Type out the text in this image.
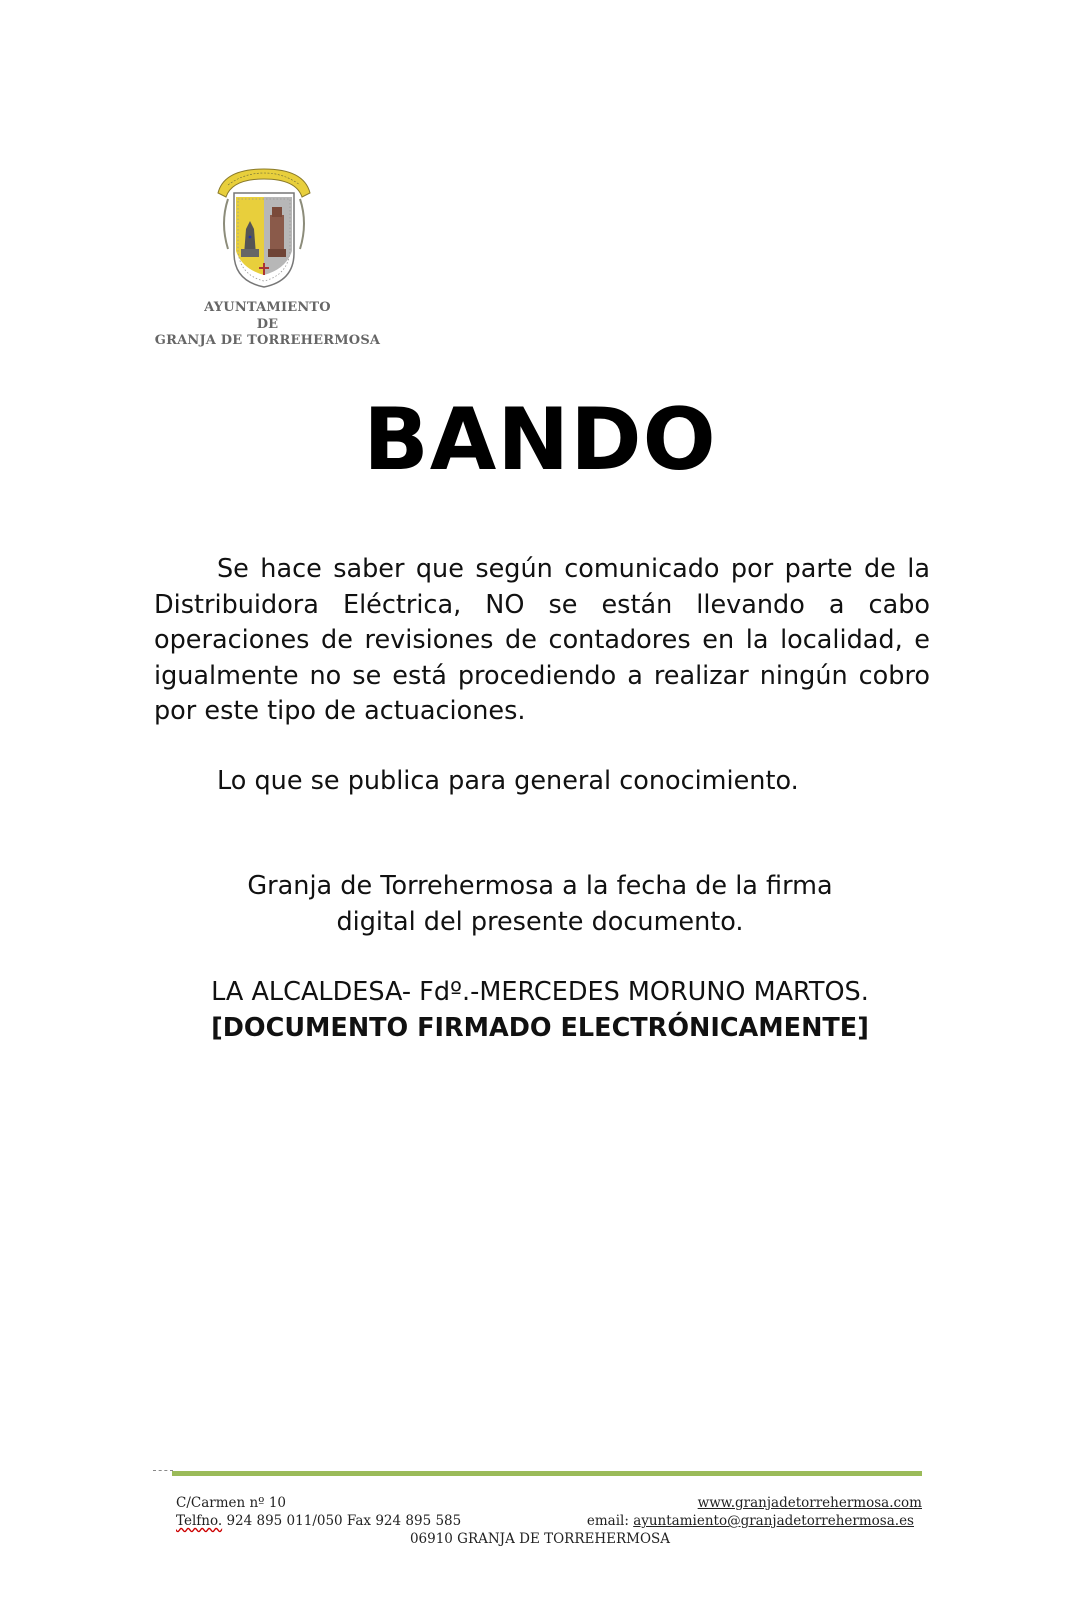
AYUNTAMIENTO
DE
GRANJA DE TORREHERMOSA
BANDO

Se hace saber que según comunicado por parte de la Distribuidora Eléctrica, NO se están llevando a cabo operaciones de revisiones de contadores en la localidad, e igualmente no se está procediendo a realizar ningún cobro por este tipo de actuaciones.

Lo que se publica para general conocimiento.

Granja de Torrehermosa a la fecha de la firma
digital del presente documento.

LA ALCALDESA- Fdº.-MERCEDES MORUNO MARTOS.

[DOCUMENTO FIRMADO ELECTRÓNICAMENTE]

C/Carmen nº 10
Telfno. 924 895 011/050 Fax 924 895 585
www.granjadetorrehermosa.com
email: ayuntamiento@granjadetorrehermosa.es
06910 GRANJA DE TORREHERMOSA
